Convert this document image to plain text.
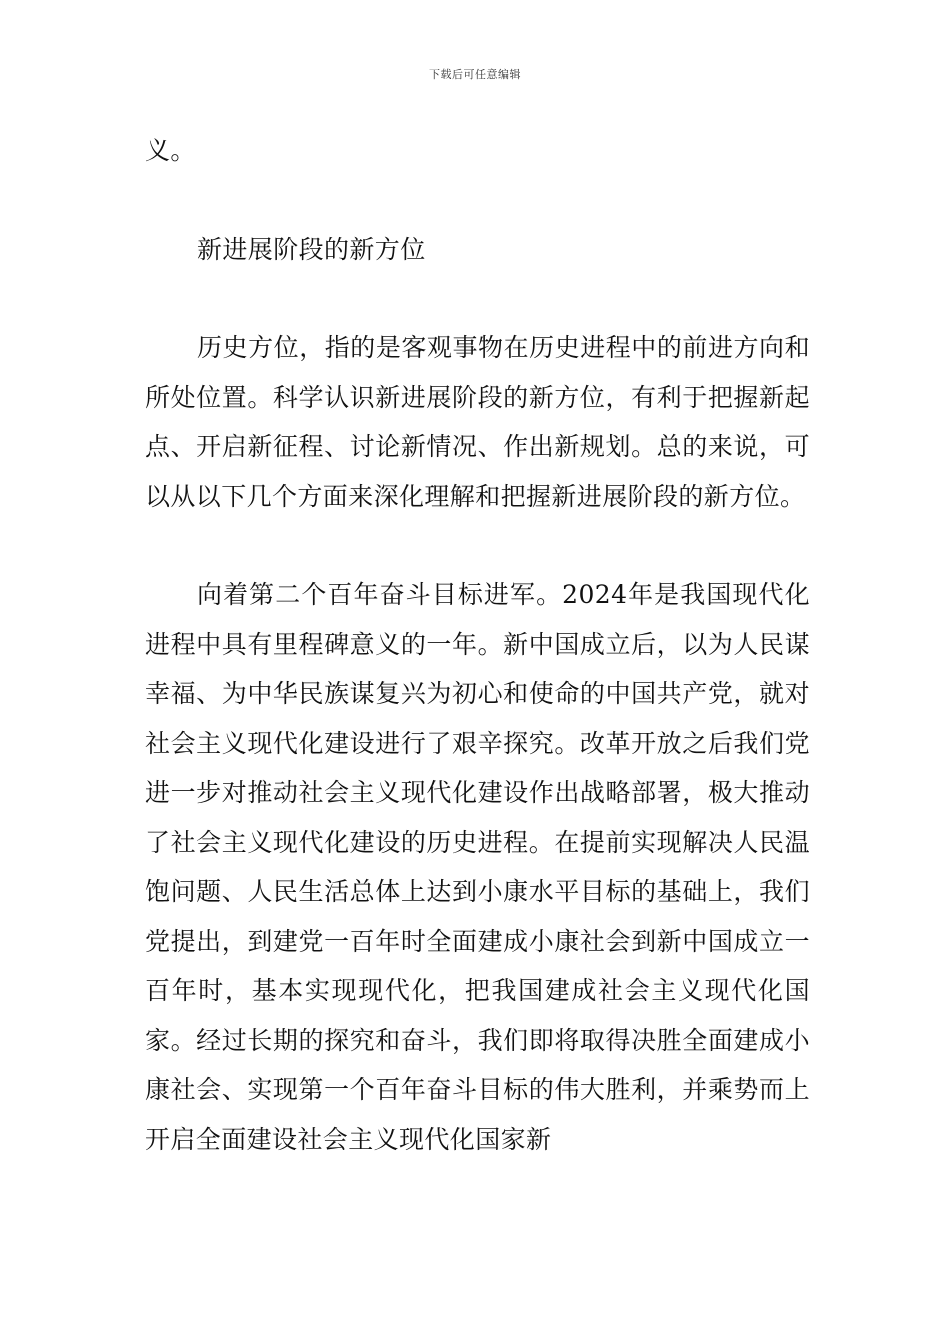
下载后可任意编辑

义。

新进展阶段的新方位

历史方位，指的是客观事物在历史进程中的前进方向和所处位置。科学认识新进展阶段的新方位，有利于把握新起点、开启新征程、讨论新情况、作出新规划。总的来说，可以从以下几个方面来深化理解和把握新进展阶段的新方位。

向着第二个百年奋斗目标进军。2024年是我国现代化进程中具有里程碑意义的一年。新中国成立后，以为人民谋幸福、为中华民族谋复兴为初心和使命的中国共产党，就对社会主义现代化建设进行了艰辛探究。改革开放之后我们党进一步对推动社会主义现代化建设作出战略部署，极大推动了社会主义现代化建设的历史进程。在提前实现解决人民温饱问题、人民生活总体上达到小康水平目标的基础上，我们党提出，到建党一百年时全面建成小康社会到新中国成立一百年时，基本实现现代化，把我国建成社会主义现代化国家。经过长期的探究和奋斗，我们即将取得决胜全面建成小康社会、实现第一个百年奋斗目标的伟大胜利，并乘势而上开启全面建设社会主义现代化国家新
